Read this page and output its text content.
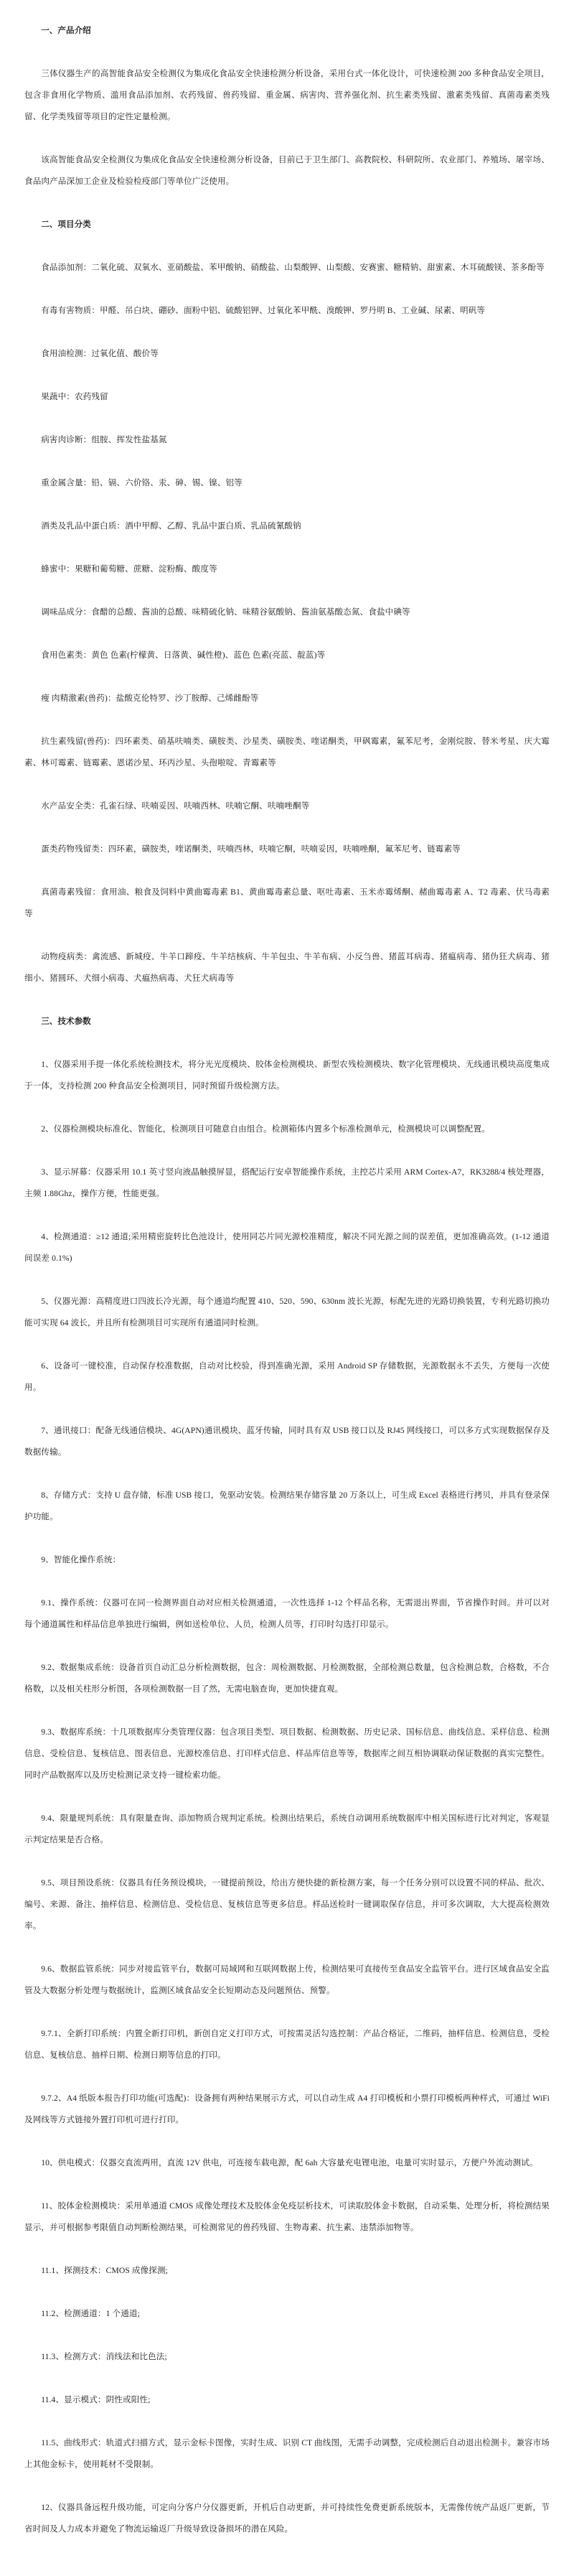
一、产品介绍

三体仪器生产的高智能食品安全检测仪为集成化食品安全快速检测分析设备，采用台式一体化设计，可快速检测 200 多种食品安全项目，包含非食用化学物质、滥用食品添加剂、农药残留、兽药残留、重金属、病害肉、营养强化剂、抗生素类残留、激素类残留、真菌毒素类残留、化学类残留等项目的定性定量检测。

该高智能食品安全检测仪为集成化食品安全快速检测分析设备，目前已于卫生部门、高教院校、科研院所、农业部门、养殖场、屠宰场、食品肉产品深加工企业及检验检疫部门等单位广泛使用。

二、项目分类

食品添加剂：二氧化硫、双氧水、亚硝酸盐、苯甲酸钠、硝酸盐、山梨酸钾、山梨酸、安赛蜜、糖精钠、甜蜜素、木耳硫酸镁、茶多酚等

有毒有害物质：甲醛、吊白块、硼砂、面粉中铝、硫酸铝钾、过氧化苯甲酰、溴酸钾、罗丹明 B、工业碱、尿素、明矾等

食用油检测：过氧化值、酸价等

果蔬中：农药残留

病害肉诊断：组胺、挥发性盐基氮

重金属含量：铅、镉、六价铬、汞、砷、锡、镍、铝等

酒类及乳品中蛋白质：酒中甲醇、乙醇、乳品中蛋白质、乳品硫氰酸钠

蜂蜜中：果糖和葡萄糖、蔗糖、淀粉酶、酸度等

调味品成分：食醋的总酸、酱油的总酸、味精硫化钠、味精谷氨酸钠、酱油氨基酸态氮、食盐中碘等

食用色素类：黄色 色素(柠檬黄、日落黄、碱性橙)、蓝色 色素(亮蓝、靛蓝)等

瘦 肉精激素(兽药)：盐酸克伦特罗、沙丁胺醇、己烯雌酚等

抗生素残留(兽药)：四环素类、硝基呋喃类、磺胺类、沙星类、磺胺类、喹诺酮类，甲砜霉素，氟苯尼考，金刚烷胺、替米考星、庆大霉素、林可霉素、链霉素、恩诺沙星、环丙沙星、头孢啦啶、青霉素等

水产品安全类：孔雀石绿、呋喃妥因、呋喃西林、呋喃它酮、呋喃唑酮等

蛋类药物残留类：四环素，磺胺类，喹诺酮类，呋喃西林，呋喃它酮，呋喃妥因，呋喃唑酮，氟苯尼考、链霉素等

真菌毒素残留：食用油、粮食及饲料中黄曲霉毒素 B1、黄曲霉毒素总量、呕吐毒素、玉米赤霉烯酮、赭曲霉毒素 A、T2 毒素、伏马毒素等

动物疫病类：禽流感、新城疫、牛羊口蹄疫、牛羊结核病、牛羊包虫、牛羊布病、小反刍兽、猪蓝耳病毒、猪瘟病毒、猪伪狂犬病毒、猪细小、猪圆环、犬细小病毒、犬瘟热病毒、犬狂犬病毒等

三、技术参数

1、仪器采用手提一体化系统检测技术，将分光光度模块、胶体金检测模块、新型农残检测模块、数字化管理模块、无线通讯模块高度集成于一体，支持检测 200 种食品安全检测项目，同时预留升级检测方法。

2、仪器检测模块标准化、智能化，检测项目可随意自由组合。检测箱体内置多个标准检测单元，检测模块可以调整配置。

3、显示屏幕：仪器采用 10.1 英寸竖向液晶触摸屏显，搭配运行安卓智能操作系统，主控芯片采用 ARM Cortex-A7，RK3288/4 核处理器，主频 1.88Ghz，操作方便，性能更强。

4、检测通道：≥12 通道;采用精密旋转比色池设计，使用同芯片同光源校准精度，解决不同光源之间的误差值，更加准确高效。(1-12 通道间误差 0.1%)

5、仪器光源：高精度进口四波长冷光源，每个通道均配置 410、520、590、630nm 波长光源，标配先进的光路切换装置，专利光路切换功能可实现 64 波长，并且所有检测项目可实现所有通道同时检测。

6、设备可一键校准，自动保存校准数据，自动对比校验，得到准确光源，采用 Android SP 存储数据，光源数据永不丢失，方便每一次使用。

7、通讯接口：配备无线通信模块、4G(APN)通讯模块、蓝牙传输，同时具有双 USB 接口以及 RJ45 网线接口，可以多方式实现数据保存及数据传输。

8、存储方式：支持 U 盘存储，标准 USB 接口，免驱动安装。检测结果存储容量 20 万条以上，可生成 Excel 表格进行拷贝，并具有登录保护功能。

9、智能化操作系统：

9.1、操作系统：仪器可在同一检测界面自动对应相关检测通道，一次性选择 1-12 个样品名称，无需退出界面，节省操作时间。并可以对每个通道属性和样品信息单独进行编辑，例如送检单位、人员，检测人员等，打印时勾选打印显示。

9.2、数据集成系统：设备首页自动汇总分析检测数据，包含：周检测数据、月检测数据，全部检测总数量，包含检测总数，合格数，不合格数，以及相关柱形分析图，各项检测数据一目了然，无需电脑查询，更加快捷直观。

9.3、数据库系统：十几项数据库分类管理仪器：包含项目类型、项目数据、检测数据、历史记录、国标信息、曲线信息、采样信息、检测信息、受检信息、复核信息、图表信息、光源校准信息、打印样式信息、样品库信息等等，数据库之间互相协调联动保证数据的真实完整性。同时产品数据库以及历史检测记录支持一键检索功能。

9.4、限量规判系统：具有限量查询、添加物质合规判定系统。检测出结果后，系统自动调用系统数据库中相关国标进行比对判定，客观显示判定结果是否合格。

9.5、项目预设系统：仪器具有任务预设模块，一键提前预设，给出方便快捷的新检测方案，每一个任务分别可以设置不同的样品、批次、编号、来源、备注、抽样信息、检测信息、受检信息、复核信息等更多信息。样品送检时一键调取保存信息，并可多次调取，大大提高检测效率。

9.6、数据监管系统：同步对接监管平台，数据可局域网和互联网数据上传，检测结果可直接传至食品安全监管平台。进行区域食品安全监管及大数据分析处理与数据统计，监测区域食品安全长短期动态及问题预估、预警。

9.7.1、全新打印系统：内置全新打印机，新创自定义打印方式，可按需灵活勾选控制：产品合格证，二维码，抽样信息、检测信息，受检信息、复核信息、抽样日期、检测日期等信息的打印。

9.7.2、A4 纸版本报告打印功能(可选配)：设备拥有两种结果展示方式，可以自动生成 A4 打印模板和小票打印模板两种样式，可通过 WiFi 及网线等方式链接外置打印机可进行打印。

10、供电模式：仪器交直流两用，直流 12V 供电，可连接车载电源，配 6ah 大容量充电锂电池，电量可实时显示，方便户外流动测试。

11、胶体金检测模块：采用单通道 CMOS 成像处理技术及胶体金免疫层析技术，可读取胶体金卡数据，自动采集、处理分析，将检测结果显示，并可根据参考限值自动判断检测结果，可检测常见的兽药残留、生物毒素、抗生素、违禁添加物等。

11.1、探测技术：CMOS 成像探测;

11.2、检测通道：1 个通道;

11.3、检测方式：消线法和比色法;

11.4、显示模式：阴性或阳性;

11.5、曲线形式：轨道式扫描方式，显示金标卡图像，实时生成、识别 CT 曲线图，无需手动调整，完成检测后自动退出检测卡。兼容市场上其他金标卡，使用耗材不受限制。

12、仪器具备远程升级功能，可定向分客户分仪器更新，开机后自动更新，并可持续性免费更新系统版本，无需像传统产品返厂更新，节省时间及人力成本并避免了物流运输返厂升级导致设备损坏的潜在风险。
